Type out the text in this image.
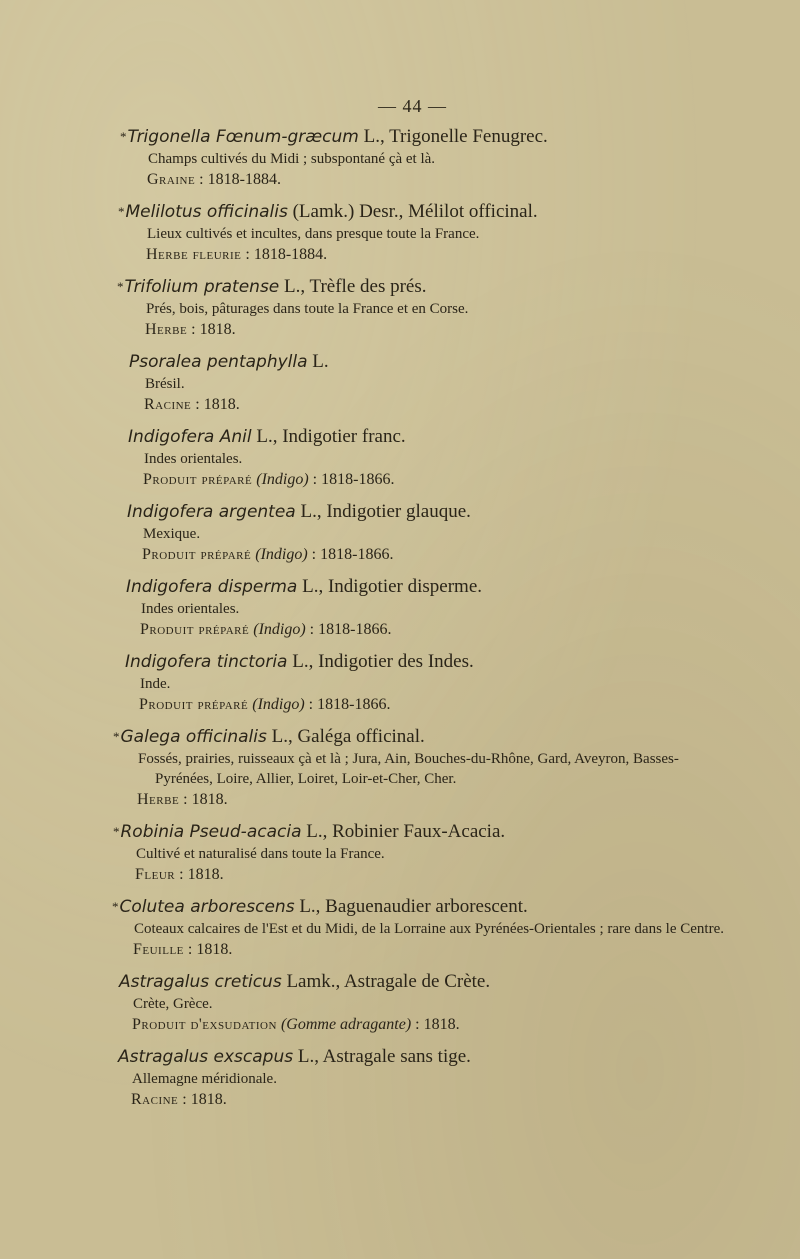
— 44 —
*Trigonella Fœnum-græcum L., Trigonelle Fenugrec.
Champs cultivés du Midi ; subspontané çà et là.
Graine : 1818-1884.
*Melilotus officinalis (Lamk.) Desr., Mélilot officinal.
Lieux cultivés et incultes, dans presque toute la France.
Herbe fleurie : 1818-1884.
*Trifolium pratense L., Trèfle des prés.
Prés, bois, pâturages dans toute la France et en Corse.
Herbe : 1818.
Psoralea pentaphylla L.
Brésil.
Racine : 1818.
Indigofera Anil L., Indigotier franc.
Indes orientales.
Produit préparé (Indigo) : 1818-1866.
Indigofera argentea L., Indigotier glauque.
Mexique.
Produit préparé (Indigo) : 1818-1866.
Indigofera disperma L., Indigotier disperme.
Indes orientales.
Produit préparé (Indigo) : 1818-1866.
Indigofera tinctoria L., Indigotier des Indes.
Inde.
Produit préparé (Indigo) : 1818-1866.
*Galega officinalis L., Galéga officinal.
Fossés, prairies, ruisseaux çà et là ; Jura, Ain, Bouches-du-Rhône, Gard, Aveyron, Basses-Pyrénées, Loire, Allier, Loiret, Loir-et-Cher, Cher.
Herbe : 1818.
*Robinia Pseud-acacia L., Robinier Faux-Acacia.
Cultivé et naturalisé dans toute la France.
Fleur : 1818.
*Colutea arborescens L., Baguenaudier arborescent.
Coteaux calcaires de l'Est et du Midi, de la Lorraine aux Pyrénées-Orientales ; rare dans le Centre.
Feuille : 1818.
Astragalus creticus Lamk., Astragale de Crète.
Crète, Grèce.
Produit d'exsudation (Gomme adragante) : 1818.
Astragalus exscapus L., Astragale sans tige.
Allemagne méridionale.
Racine : 1818.
